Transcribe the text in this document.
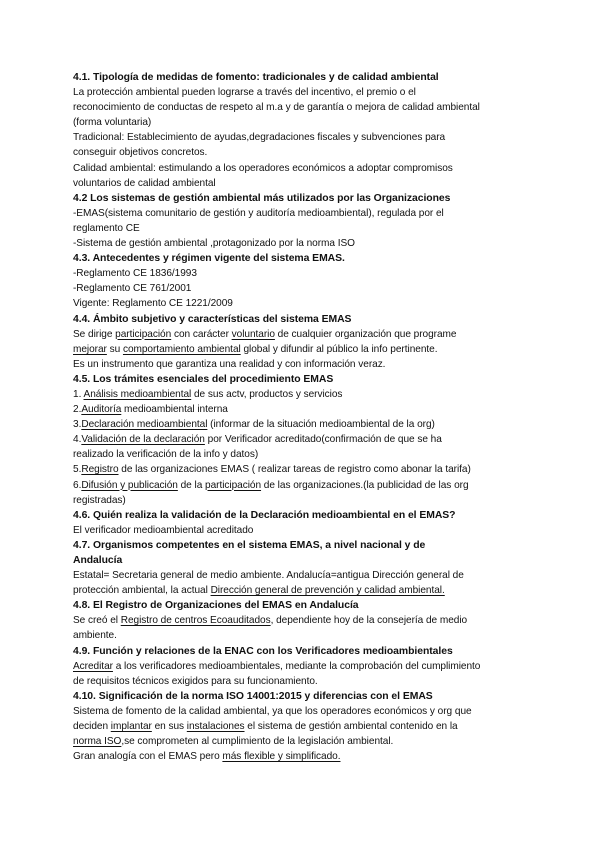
4.1. Tipología de medidas de fomento: tradicionales y de calidad ambiental
La protección ambiental pueden lograrse a través del incentivo, el premio o el
reconocimiento de conductas de respeto al m.a y de garantía o mejora de calidad ambiental
(forma voluntaria)
Tradicional: Establecimiento de ayudas,degradaciones fiscales y subvenciones para
conseguir objetivos concretos.
Calidad ambiental: estimulando a los operadores económicos a adoptar compromisos
voluntarios de calidad ambiental
4.2 Los sistemas de gestión ambiental más utilizados por las Organizaciones
-EMAS(sistema comunitario de gestión y auditoría medioambiental), regulada por el
reglamento CE
-Sistema de gestión ambiental ,protagonizado por la norma ISO
4.3. Antecedentes y régimen vigente del sistema EMAS.
-Reglamento CE 1836/1993
-Reglamento CE 761/2001
Vigente: Reglamento CE 1221/2009
4.4. Ámbito subjetivo y características del sistema EMAS
Se dirige participación con carácter voluntario de cualquier organización que programe
mejorar su comportamiento ambiental global y difundir al público la info pertinente.
Es un instrumento que garantiza una realidad y con información veraz.
4.5. Los trámites esenciales del procedimiento EMAS
1. Análisis medioambiental de sus actv, productos y servicios
2.Auditoría medioambiental interna
3.Declaración medioambiental (informar de la situación medioambiental de la org)
4.Validación de la declaración por Verificador acreditado(confirmación de que se ha
realizado la verificación de la info y datos)
5.Registro de las organizaciones EMAS ( realizar tareas de registro como abonar la tarifa)
6.Difusión y publicación de la participación de las organizaciones.(la publicidad de las org
registradas)
4.6. Quién realiza la validación de la Declaración medioambiental en el EMAS?
El verificador medioambiental acreditado
4.7. Organismos competentes en el sistema EMAS, a nivel nacional y de
Andalucía
Estatal= Secretaria general de medio ambiente. Andalucía=antigua Dirección general de
protección ambiental, la actual Dirección general de prevención y calidad ambiental.
4.8. El Registro de Organizaciones del EMAS en Andalucía
Se creó el Registro de centros Ecoauditados, dependiente hoy de la consejería de medio
ambiente.
4.9. Función y relaciones de la ENAC con los Verificadores medioambientales
Acreditar a los verificadores medioambientales, mediante la comprobación del cumplimiento
de requisitos técnicos exigidos para su funcionamiento.
4.10. Significación de la norma ISO 14001:2015 y diferencias con el EMAS
Sistema de fomento de la calidad ambiental, ya que los operadores económicos y org que
deciden implantar en sus instalaciones el sistema de gestión ambiental contenido en la
norma ISO,se comprometen al cumplimiento de la legislación ambiental.
Gran analogía con el EMAS pero más flexible y simplificado.
